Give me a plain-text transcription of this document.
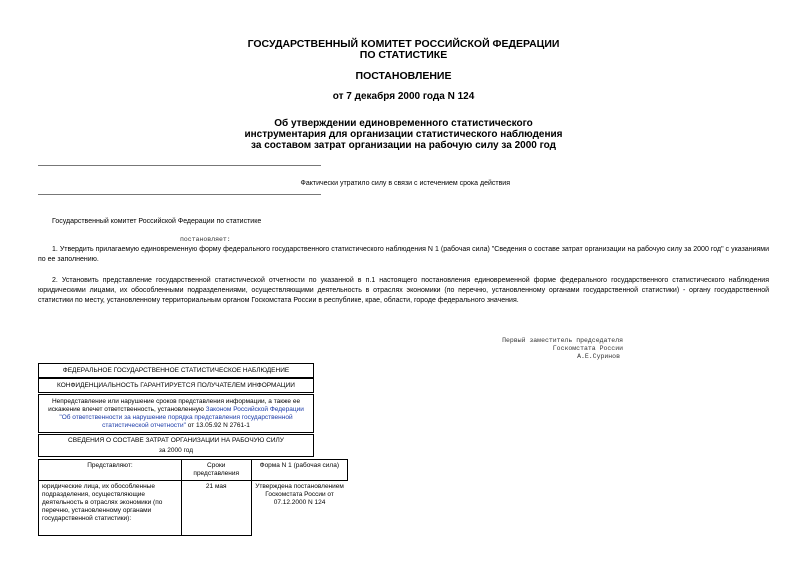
ГОСУДАРСТВЕННЫЙ КОМИТЕТ РОССИЙСКОЙ ФЕДЕРАЦИИ
ПО СТАТИСТИКЕ
ПОСТАНОВЛЕНИЕ
от 7 декабря 2000 года N 124
Об утверждении единовременного статистического
инструментария для организации статистического наблюдения
за составом затрат организации на рабочую силу за 2000 год
Фактически утратило силу в связи с истечением срока действия
Государственный комитет Российской Федерации по статистике
постановляет:
1. Утвердить прилагаемую единовременную форму федерального государственного статистического наблюдения N 1 (рабочая сила) "Сведения о составе затрат организации на рабочую силу за 2000 год" с указаниями по ее заполнению.
2. Установить представление государственной статистической отчетности по указанной в п.1 настоящего постановления единовременной форме федерального государственного статистического наблюдения юридическими лицами, их обособленными подразделениями, осуществляющими деятельность в отраслях экономики (по перечню, установленному органами государственной статистики) - органу государственной статистики по месту, установленному территориальным органом Госкомстата России в республике, крае, области, городе федерального значения.
Первый заместитель председателя
Госкомстата России
А.Е.Суринов
ФЕДЕРАЛЬНОЕ ГОСУДАРСТВЕННОЕ СТАТИСТИЧЕСКОЕ НАБЛЮДЕНИЕ
КОНФИДЕНЦИАЛЬНОСТЬ ГАРАНТИРУЕТСЯ ПОЛУЧАТЕЛЕМ ИНФОРМАЦИИ
Непредставление или нарушение сроков представления информации, а также ее искажение влечет ответственность, установленную Законом Российской Федерации "Об ответственности за нарушение порядка представления государственной статистической отчетности" от 13.05.92 N 2761-1
СВЕДЕНИЯ О СОСТАВЕ ЗАТРАТ ОРГАНИЗАЦИИ НА РАБОЧУЮ СИЛУ
за 2000 год
Представляют:	Сроки представления	Форма N 1 (рабочая сила)
юридические лица, их обособленные подразделения, осуществляющие деятельность в отраслях экономики (по перечню, установленному органами государственной статистики):	21 мая	Утверждена постановлением Госкомстата России от 07.12.2000 N 124
